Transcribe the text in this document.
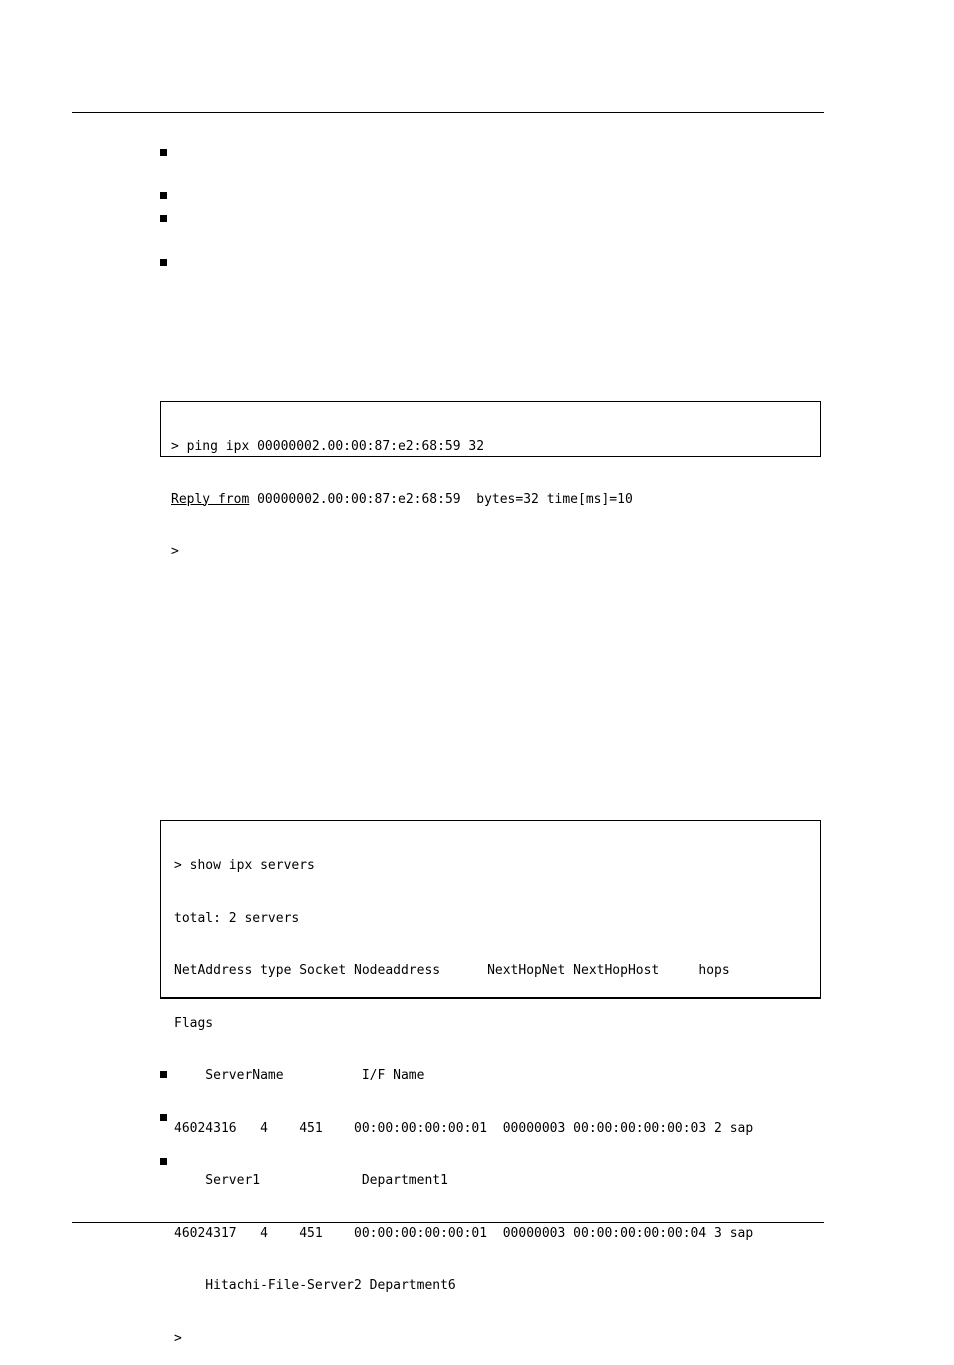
> ping ipx 00000002.00:00:87:e2:68:59 32

Reply from 00000002.00:00:87:e2:68:59  bytes=32 time[ms]=10

>

> show ipx servers

total: 2 servers

NetAddress type Socket Nodeaddress      NextHopNet NextHopHost     hops

Flags

ServerName          I/F Name

46024316   4    451    00:00:00:00:00:01  00000003 00:00:00:00:00:03 2 sap

Server1             Department1

46024317   4    451    00:00:00:00:00:01  00000003 00:00:00:00:00:04 3 sap

Hitachi-File-Server2 Department6

>
